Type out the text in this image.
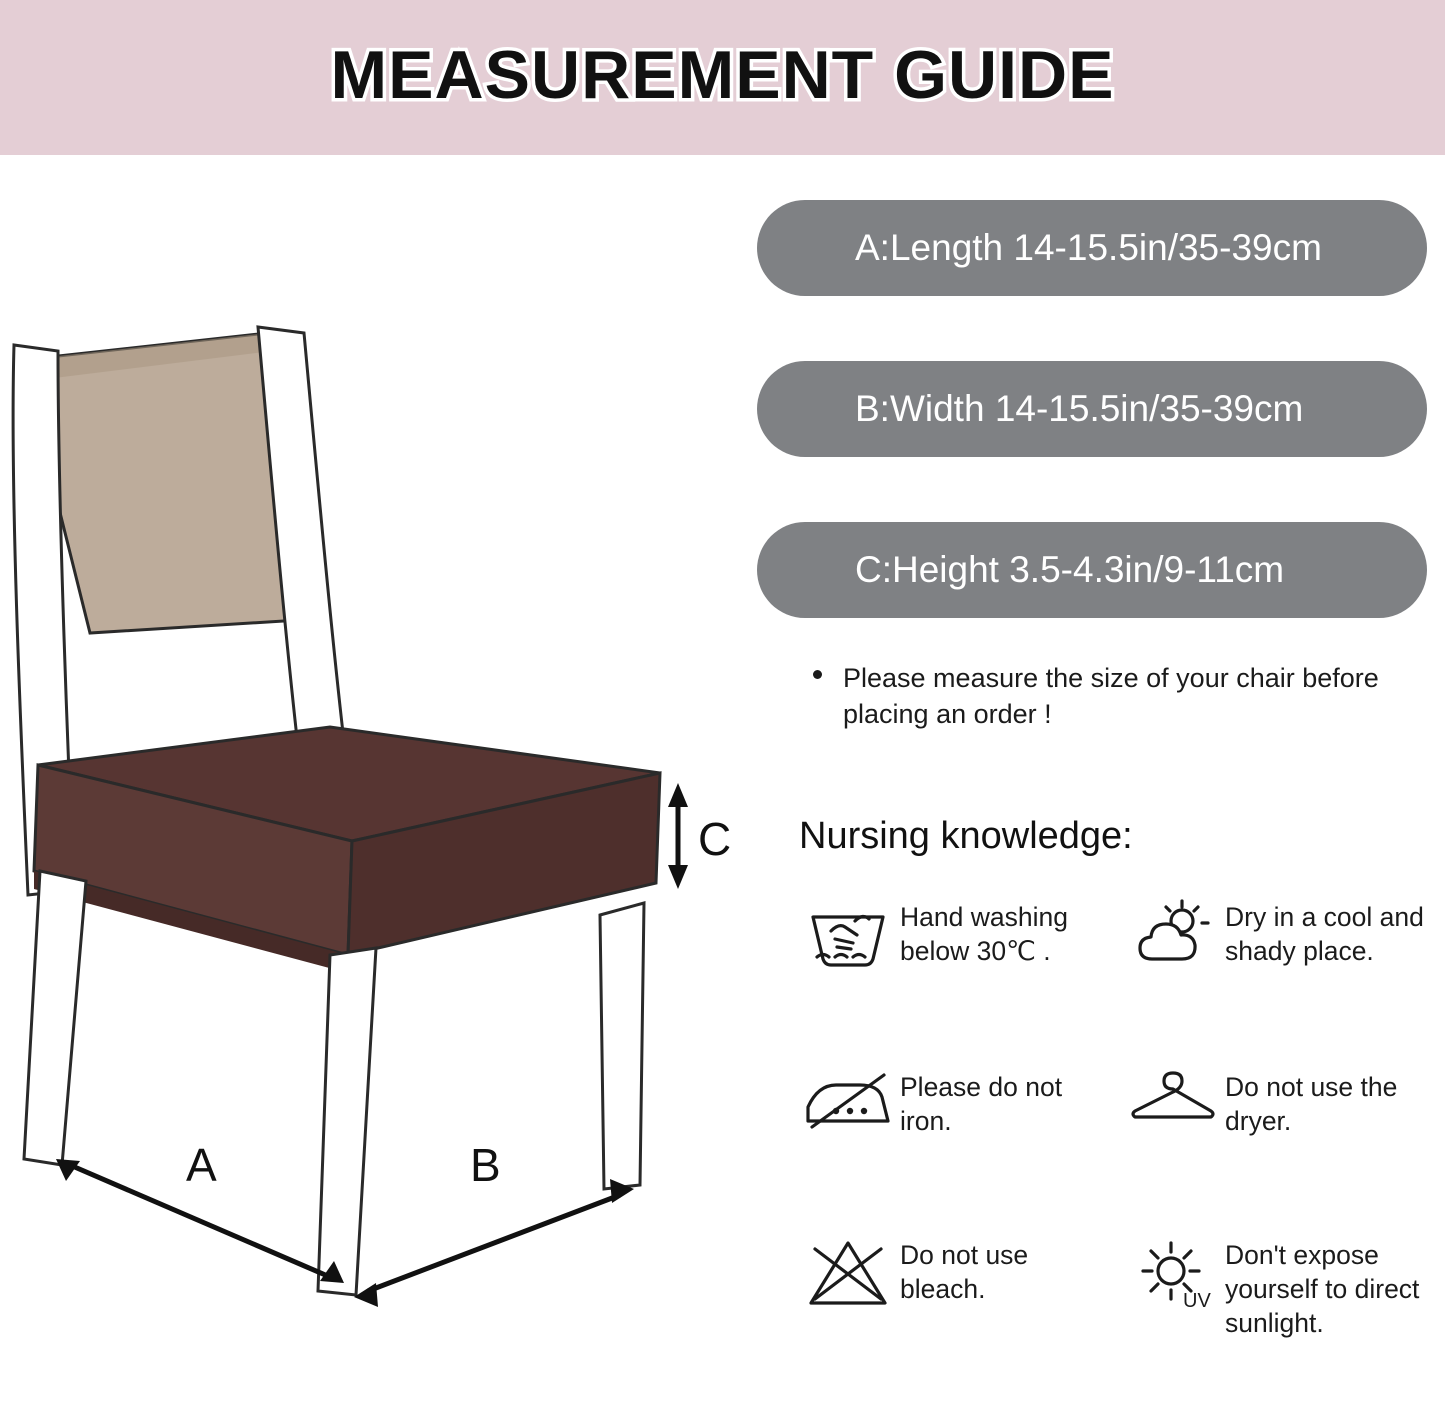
MEASUREMENT GUIDE
C
A	B
A:Length 14-15.5in/35-39cm
B:Width 14-15.5in/35-39cm
C:Height 3.5-4.3in/9-11cm
Please measure the size of your chair before placing an order !
Nursing knowledge:
Hand washing below 30℃ .
Dry in a cool and shady place.
Please do not iron.
Do not use the dryer.
Do not use bleach.	UV
Don't expose yourself to direct sunlight.
